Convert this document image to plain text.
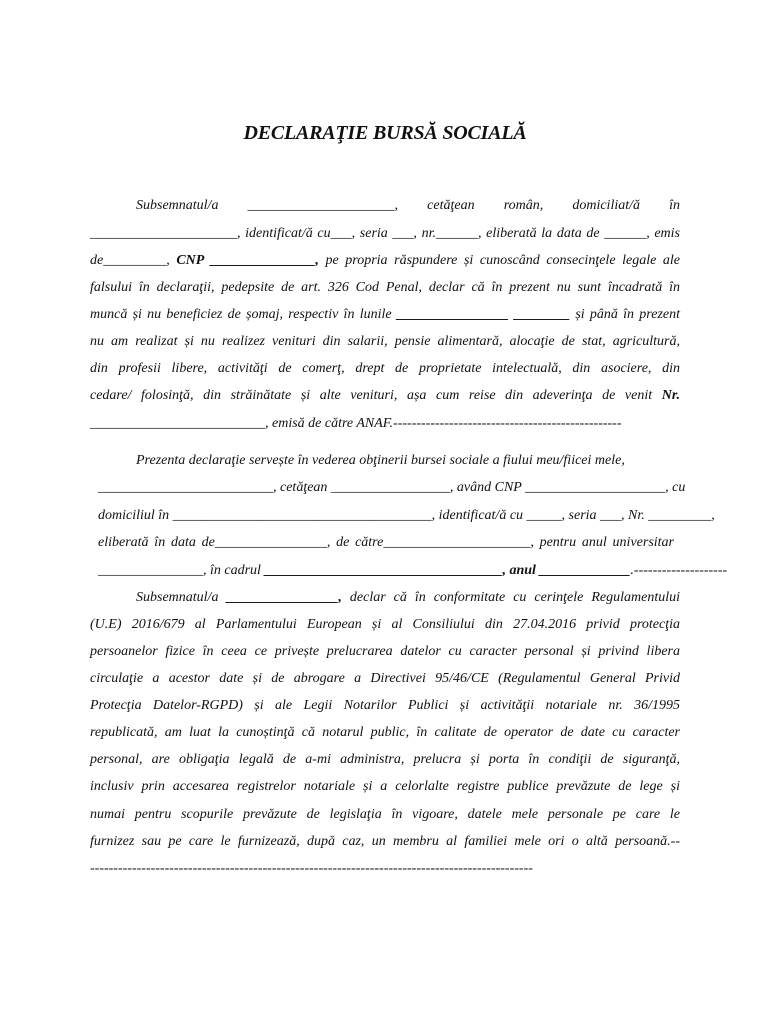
DECLARAŢIE BURSĂ SOCIALĂ
Subsemnatul/a _____________________, cetăţean român, domiciliat/ă în
_____________________, identificat/ă cu___, seria ___, nr.______, eliberată la data de ______, emis
de_________, CNP _______________, pe propria răspundere și cunoscând consecinţele legale ale
falsului în declaraţii, pedepsite de art. 326 Cod Penal, declar că în prezent nu sunt încadrată în
muncă și nu beneficiez de șomaj, respectiv în lunile ________________ ________ și până în prezent
nu am realizat și nu realizez venituri din salarii, pensie alimentară, alocaţie de stat, agricultură,
din profesii libere, activităţi de comerţ, drept de proprietate intelectuală, din asociere, din
cedare/ folosinţă, din străinătate și alte venituri, așa cum reise din adeverinţa de venit Nr.
_________________________, emisă de către ANAF.-------------------------------------------------
Prezenta declaraţie servește în vederea obţinerii bursei sociale a fiului meu/fiicei mele,
_________________________, cetăţean _________________, având CNP ____________________, cu
domiciliul în _____________________________________, identificat/ă cu _____, seria ___, Nr. _________,
eliberată în data de________________, de către_____________________, pentru anul universitar
_______________, în cadrul __________________________________, anul _____________.--------------------
Subsemnatul/a ________________, declar că în conformitate cu cerinţele Regulamentului
(U.E) 2016/679 al Parlamentului European și al Consiliului din 27.04.2016 privid protecţia
persoanelor fizice în ceea ce privește prelucrarea datelor cu caracter personal și privind libera
circulaţie a acestor date și de abrogare a Directivei 95/46/CE (Regulamentul General Privid
Protecţia Datelor-RGPD) și ale Legii Notarilor Publici și activităţii notariale nr. 36/1995
republicată, am luat la cunoștinţă că notarul public, în calitate de operator de date cu caracter
personal, are obligaţia legală de a-mi administra, prelucra și porta în condiţii de siguranţă,
inclusiv prin accesarea registrelor notariale și a celorlalte registre publice prevăzute de lege și
numai pentru scopurile prevăzute de legislaţia în vigoare, datele mele personale pe care le
furnizez sau pe care le furnizează, după caz, un membru al familiei mele ori o altă persoană.--
-----------------------------------------------------------------------------------------------
